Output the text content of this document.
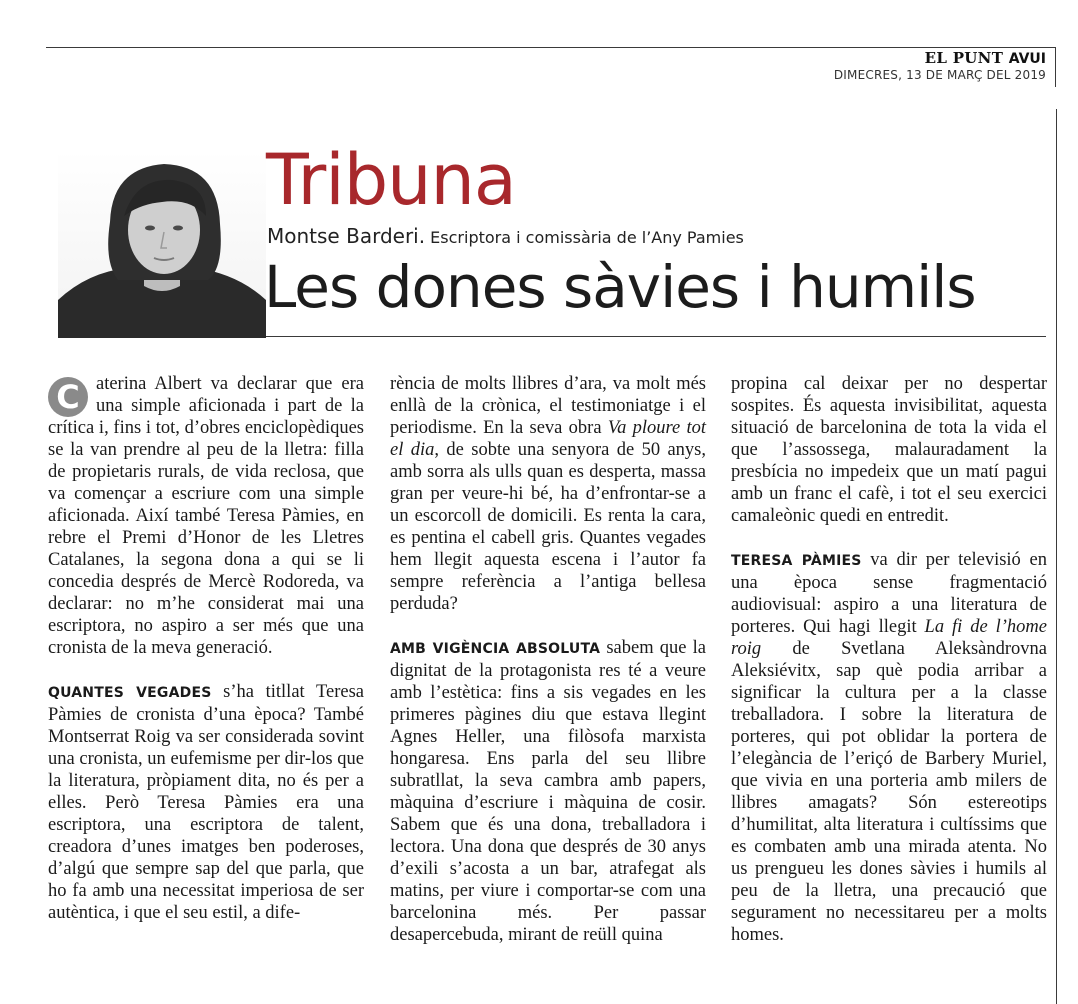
EL PUNT AVUI
DIMECRES, 13 DE MARÇ DEL 2019
Tribuna
Montse Barderi. Escriptora i comissària de l’Any Pamies
Les dones sàvies i humils

C aterina Albert va declarar que era una simple aficionada i part de la crítica i, fins i tot, d’obres enciclopèdiques se la van prendre al peu de la lletra: filla de propietaris rurals, de vida reclosa, que va començar a escriure com una simple aficionada. Així també Teresa Pàmies, en rebre el Premi d’Honor de les Lletres Catalanes, la segona dona a qui se li concedia després de Mercè Rodoreda, va declarar: no m’he considerat mai una escriptora, no aspiro a ser més que una cronista de la meva generació.

QUANTES VEGADES s’ha titllat Teresa Pàmies de cronista d’una època? També Montserrat Roig va ser considerada sovint una cronista, un eufemisme per dir-los que la literatura, pròpiament dita, no és per a elles. Però Teresa Pàmies era una escriptora, una escriptora de talent, creadora d’unes imatges ben poderoses, d’algú que sempre sap del que parla, que ho fa amb una necessitat imperiosa de ser autèntica, i que el seu estil, a dife-

rència de molts llibres d’ara, va molt més enllà de la crònica, el testimoniatge i el periodisme. En la seva obra Va ploure tot el dia, de sobte una senyora de 50 anys, amb sorra als ulls quan es desperta, massa gran per veure-hi bé, ha d’enfrontar-se a un escorcoll de domicili. Es renta la cara, es pentina el cabell gris. Quantes vegades hem llegit aquesta escena i l’autor fa sempre referència a l’antiga bellesa perduda?

AMB VIGÈNCIA ABSOLUTA sabem que la dignitat de la protagonista res té a veure amb l’estètica: fins a sis vegades en les primeres pàgines diu que estava llegint Agnes Heller, una filòsofa marxista hongaresa. Ens parla del seu llibre subratllat, la seva cambra amb papers, màquina d’escriure i màquina de cosir. Sabem que és una dona, treballadora i lectora. Una dona que després de 30 anys d’exili s’acosta a un bar, atrafegat als matins, per viure i comportar-se com una barcelonina més. Per passar desapercebuda, mirant de reüll quina

propina cal deixar per no despertar sospites. És aquesta invisibilitat, aquesta situació de barcelonina de tota la vida el que l’assossega, malauradament la presbícia no impedeix que un matí pagui amb un franc el cafè, i tot el seu exercici camaleònic quedi en entredit.

TERESA PÀMIES va dir per televisió en una època sense fragmentació audiovisual: aspiro a una literatura de porteres. Qui hagi llegit La fi de l’home roig de Svetlana Aleksàndrovna Aleksiévitx, sap què podia arribar a significar la cultura per a la classe treballadora. I sobre la literatura de porteres, qui pot oblidar la portera de l’elegància de l’eriçó de Barbery Muriel, que vivia en una porteria amb milers de llibres amagats? Són estereotips d’humilitat, alta literatura i cultíssims que es combaten amb una mirada atenta. No us prengueu les dones sàvies i humils al peu de la lletra, una precaució que segurament no necessitareu per a molts homes.
